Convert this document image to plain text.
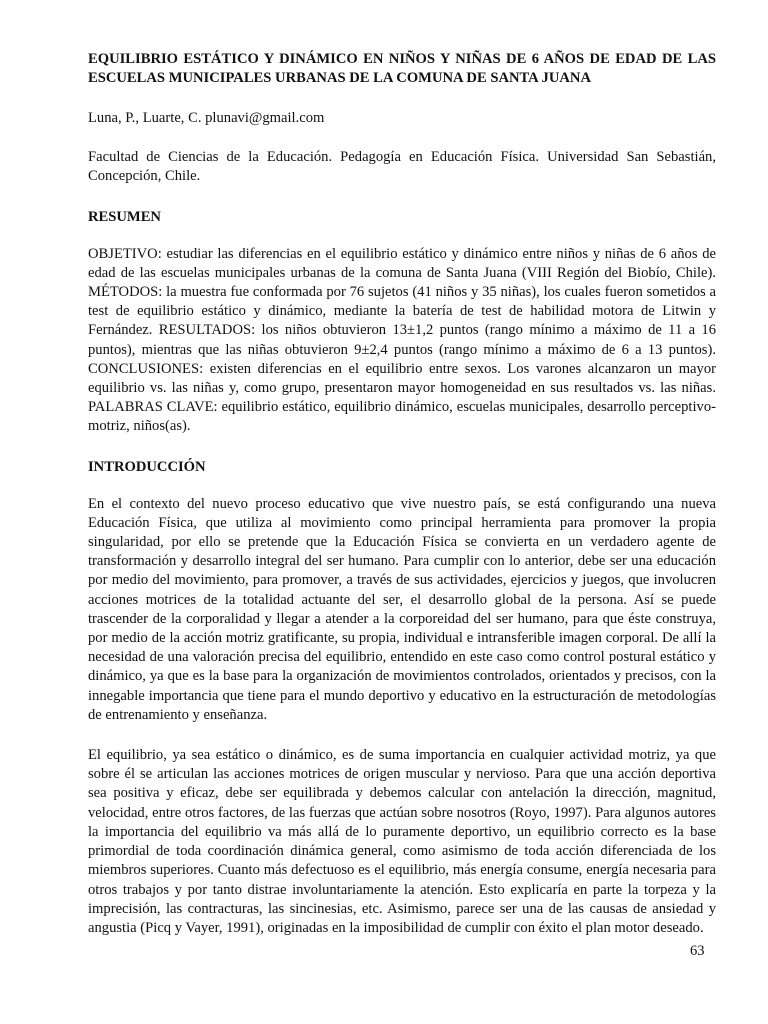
EQUILIBRIO ESTÁTICO Y DINÁMICO EN NIÑOS Y NIÑAS DE 6 AÑOS DE EDAD DE LAS ESCUELAS MUNICIPALES URBANAS DE LA COMUNA DE SANTA JUANA

Luna, P., Luarte, C. plunavi@gmail.com

Facultad de Ciencias de la Educación. Pedagogía en Educación Física. Universidad San Sebastián, Concepción, Chile.

RESUMEN

OBJETIVO: estudiar las diferencias en el equilibrio estático y dinámico entre niños y niñas de 6 años de edad de las escuelas municipales urbanas de la comuna de Santa Juana (VIII Región del Biobío, Chile). MÉTODOS: la muestra fue conformada por 76 sujetos (41 niños y 35 niñas), los cuales fueron sometidos a test de equilibrio estático y dinámico, mediante la batería de test de habilidad motora de Litwin y Fernández. RESULTADOS: los niños obtuvieron 13±1,2 puntos (rango mínimo a máximo de 11 a 16 puntos), mientras que las niñas obtuvieron 9±2,4 puntos (rango mínimo a máximo de 6 a 13 puntos). CONCLUSIONES: existen diferencias en el equilibrio entre sexos. Los varones alcanzaron un mayor equilibrio vs. las niñas y, como grupo, presentaron mayor homogeneidad en sus resultados vs. las niñas. PALABRAS CLAVE: equilibrio estático, equilibrio dinámico, escuelas municipales, desarrollo perceptivo-motriz, niños(as).

INTRODUCCIÓN

En el contexto del nuevo proceso educativo que vive nuestro país, se está configurando una nueva Educación Física, que utiliza al movimiento como principal herramienta para promover la propia singularidad, por ello se pretende que la Educación Física se convierta en un verdadero agente de transformación y desarrollo integral del ser humano. Para cumplir con lo anterior, debe ser una educación por medio del movimiento, para promover, a través de sus actividades, ejercicios y juegos, que involucren acciones motrices de la totalidad actuante del ser, el desarrollo global de la persona. Así se puede trascender de la corporalidad y llegar a atender a la corporeidad del ser humano, para que éste construya, por medio de la acción motriz gratificante, su propia, individual e intransferible imagen corporal. De allí la necesidad de una valoración precisa del equilibrio, entendido en este caso como control postural estático y dinámico, ya que es la base para la organización de movimientos controlados, orientados y precisos, con la innegable importancia que tiene para el mundo deportivo y educativo en la estructuración de metodologías de entrenamiento y enseñanza.

El equilibrio, ya sea estático o dinámico, es de suma importancia en cualquier actividad motriz, ya que sobre él se articulan las acciones motrices de origen muscular y nervioso. Para que una acción deportiva sea positiva y eficaz, debe ser equilibrada y debemos calcular con antelación la dirección, magnitud, velocidad, entre otros factores, de las fuerzas que actúan sobre nosotros (Royo, 1997). Para algunos autores la importancia del equilibrio va más allá de lo puramente deportivo, un equilibrio correcto es la base primordial de toda coordinación dinámica general, como asimismo de toda acción diferenciada de los miembros superiores. Cuanto más defectuoso es el equilibrio, más energía consume, energía necesaria para otros trabajos y por tanto distrae involuntariamente la atención. Esto explicaría en parte la torpeza y la imprecisión, las contracturas, las sincinesias, etc. Asimismo, parece ser una de las causas de ansiedad y angustia (Picq y Vayer, 1991), originadas en la imposibilidad de cumplir con éxito el plan motor deseado.

63
